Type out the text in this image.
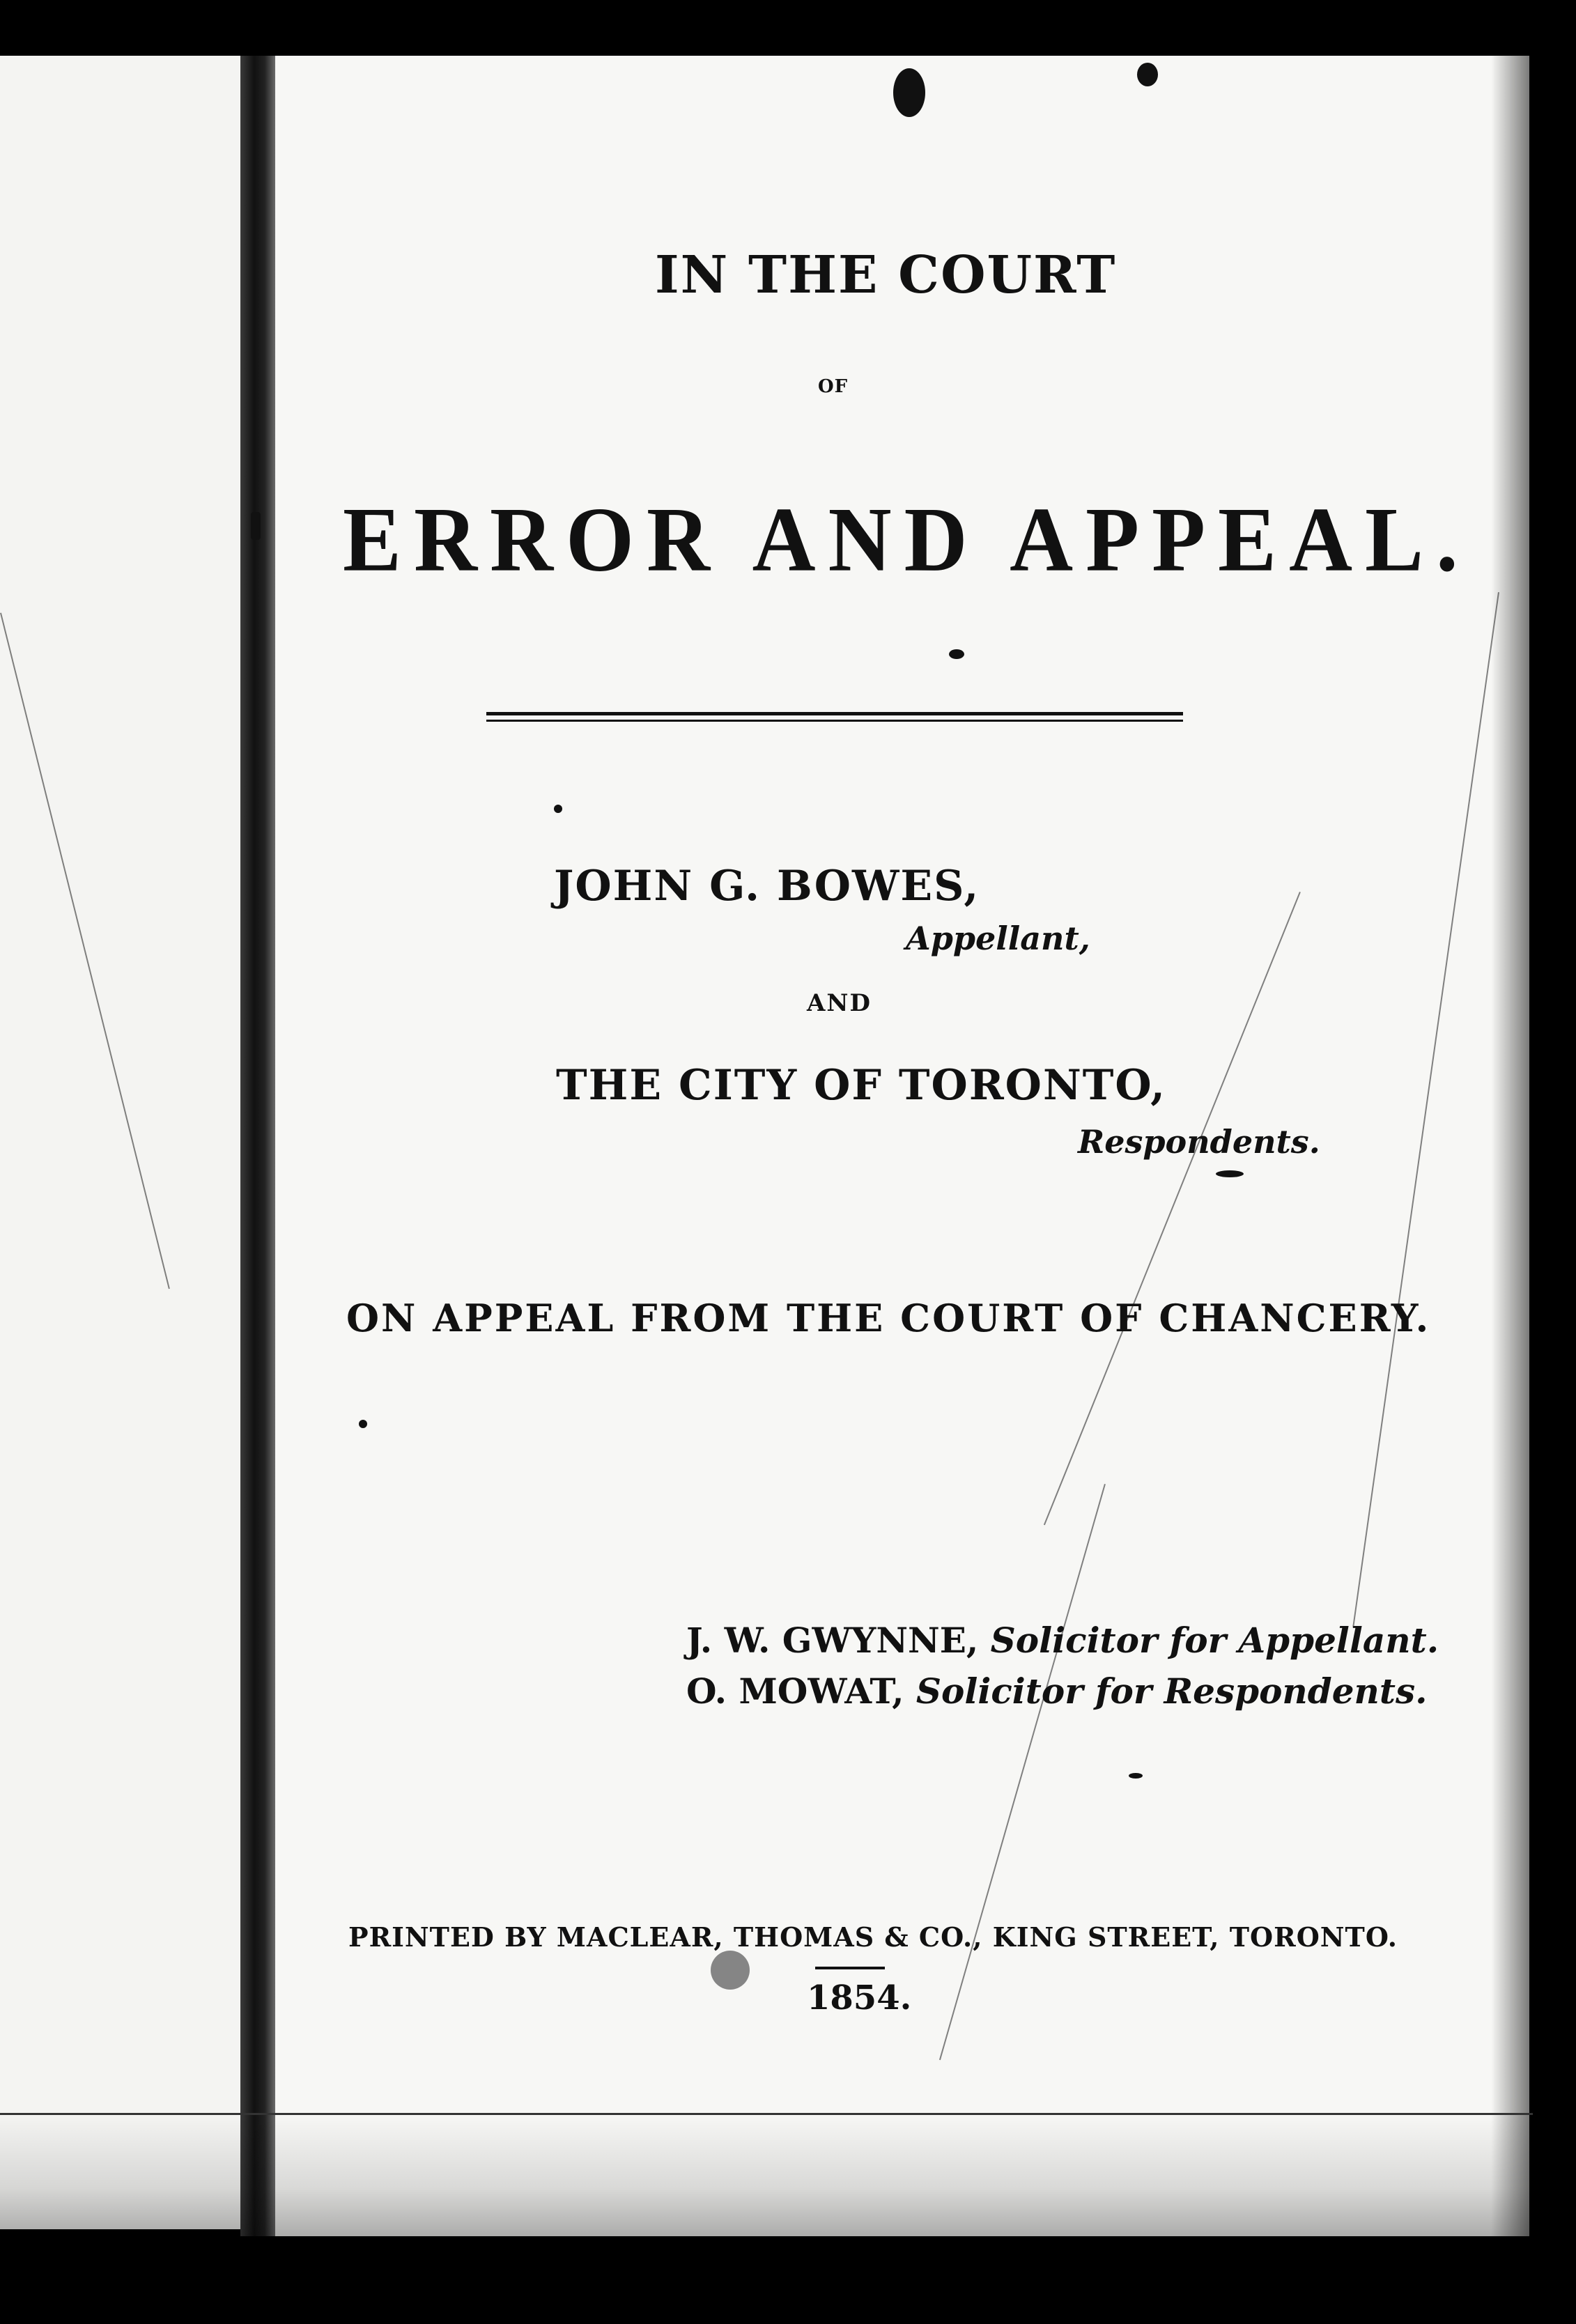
IN THE COURT
OF
ERROR AND APPEAL.
JOHN G. BOWES,
Appellant,
AND
THE CITY OF TORONTO,
Respondents.
ON APPEAL FROM THE COURT OF CHANCERY.
J. W. GWYNNE, Solicitor for Appellant.
O. MOWAT, Solicitor for Respondents.
PRINTED BY MACLEAR, THOMAS & CO., KING STREET, TORONTO.
1854.
